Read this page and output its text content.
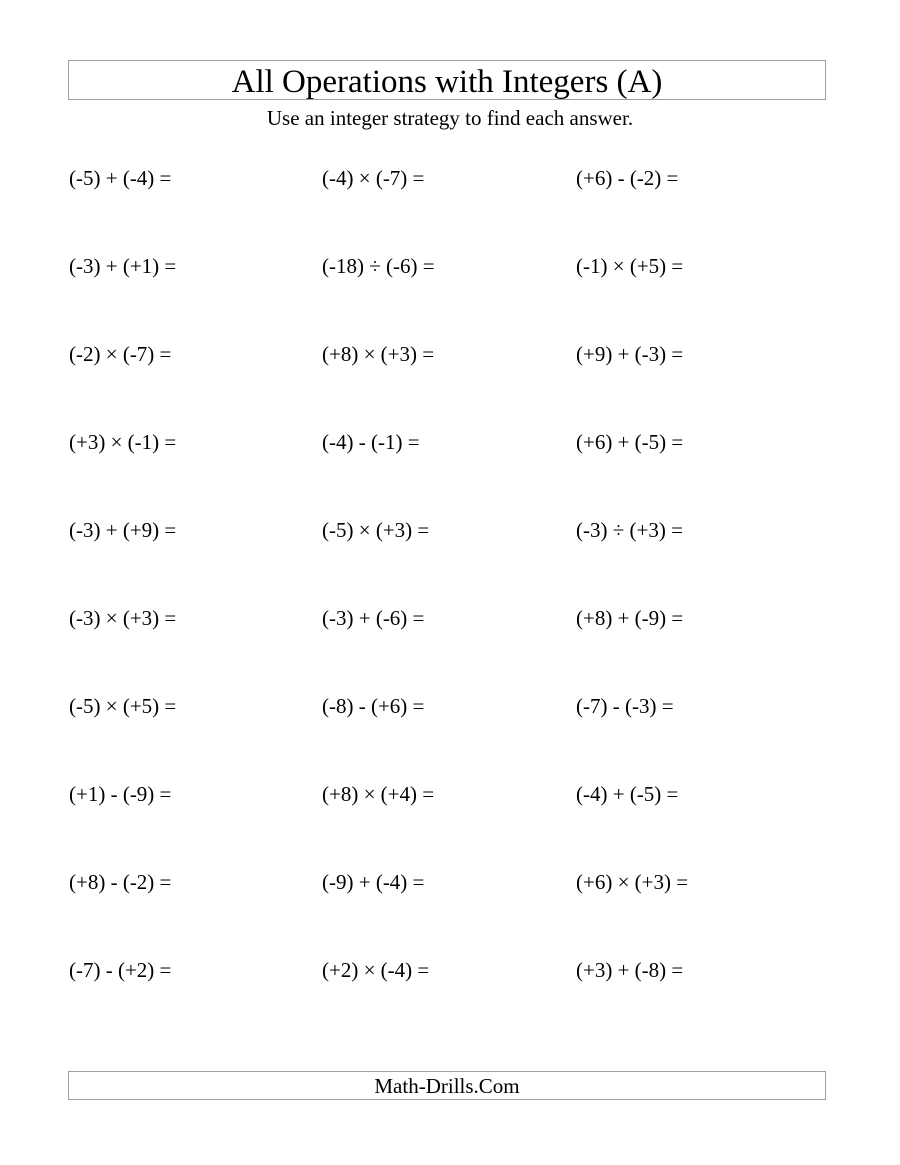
All Operations with Integers (A)
Use an integer strategy to find each answer.
(-5) + (-4) =	(-4) × (-7) =	(+6) - (-2) =
(-3) + (+1) =	(-18) ÷ (-6) =	(-1) × (+5) =
(-2) × (-7) =	(+8) × (+3) =	(+9) + (-3) =
(+3) × (-1) =	(-4) - (-1) =	(+6) + (-5) =
(-3) + (+9) =	(-5) × (+3) =	(-3) ÷ (+3) =
(-3) × (+3) =	(-3) + (-6) =	(+8) + (-9) =
(-5) × (+5) =	(-8) - (+6) =	(-7) - (-3) =
(+1) - (-9) =	(+8) × (+4) =	(-4) + (-5) =
(+8) - (-2) =	(-9) + (-4) =	(+6) × (+3) =
(-7) - (+2) =	(+2) × (-4) =	(+3) + (-8) =
Math-Drills.Com
